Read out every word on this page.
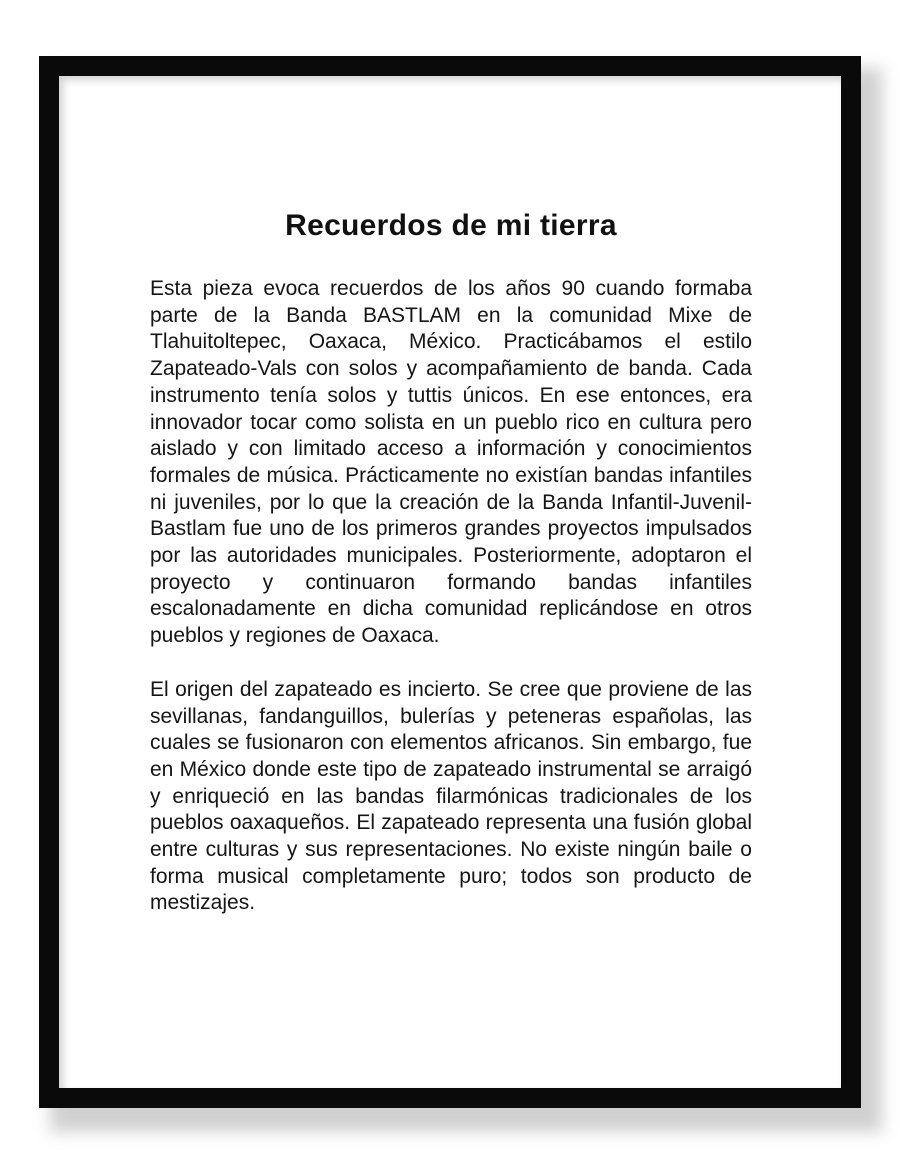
Recuerdos de mi tierra

Esta pieza evoca recuerdos de los años 90 cuando formaba parte de la Banda BASTLAM en la comunidad Mixe de Tlahuitoltepec, Oaxaca, México. Practicábamos el estilo Zapateado-Vals con solos y acompañamiento de banda. Cada instrumento tenía solos y tuttis únicos. En ese entonces, era innovador tocar como solista en un pueblo rico en cultura pero aislado y con limitado acceso a información y conocimientos formales de música. Prácticamente no existían bandas infantiles ni juveniles, por lo que la creación de la Banda Infantil-Juvenil-Bastlam fue uno de los primeros grandes proyectos impulsados por las autoridades municipales. Posteriormente, adoptaron el proyecto y continuaron formando bandas infantiles escalonadamente en dicha comunidad replicándose en otros pueblos y regiones de Oaxaca.

El origen del zapateado es incierto. Se cree que proviene de las sevillanas, fandanguillos, bulerías y peteneras españolas, las cuales se fusionaron con elementos africanos. Sin embargo, fue en México donde este tipo de zapateado instrumental se arraigó y enriqueció en las bandas filarmónicas tradicionales de los pueblos oaxaqueños. El zapateado representa una fusión global entre culturas y sus representaciones. No existe ningún baile o forma musical completamente puro; todos son producto de mestizajes.
